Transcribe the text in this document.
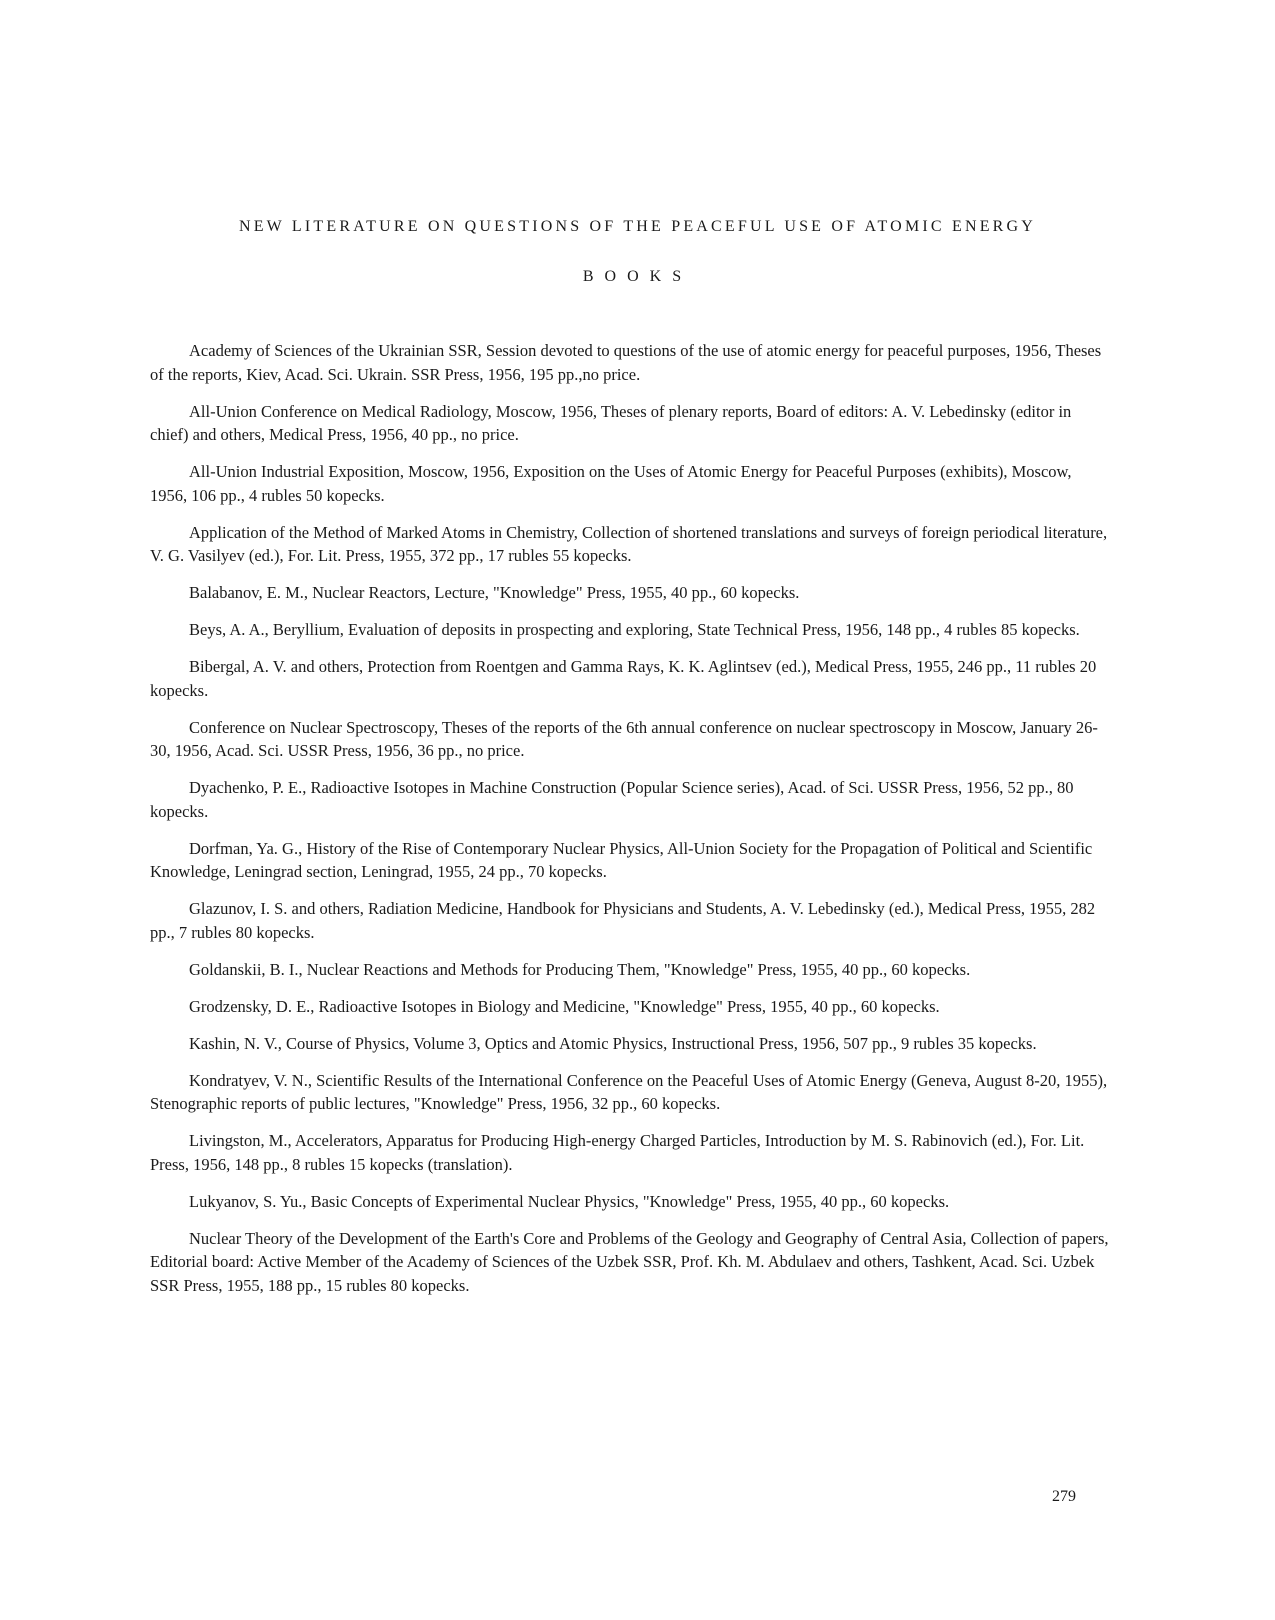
NEW LITERATURE ON QUESTIONS OF THE PEACEFUL USE OF ATOMIC ENERGY
BOOKS
Academy of Sciences of the Ukrainian SSR, Session devoted to questions of the use of atomic energy for peaceful purposes, 1956, Theses of the reports, Kiev, Acad. Sci. Ukrain. SSR Press, 1956, 195 pp.,no price.
All-Union Conference on Medical Radiology, Moscow, 1956, Theses of plenary reports, Board of editors: A. V. Lebedinsky (editor in chief) and others, Medical Press, 1956, 40 pp., no price.
All-Union Industrial Exposition, Moscow, 1956, Exposition on the Uses of Atomic Energy for Peaceful Purposes (exhibits), Moscow, 1956, 106 pp., 4 rubles 50 kopecks.
Application of the Method of Marked Atoms in Chemistry, Collection of shortened translations and surveys of foreign periodical literature, V. G. Vasilyev (ed.), For. Lit. Press, 1955, 372 pp., 17 rubles 55 kopecks.
Balabanov, E. M., Nuclear Reactors, Lecture, "Knowledge" Press, 1955, 40 pp., 60 kopecks.
Beys, A. A., Beryllium, Evaluation of deposits in prospecting and exploring, State Technical Press, 1956, 148 pp., 4 rubles 85 kopecks.
Bibergal, A. V. and others, Protection from Roentgen and Gamma Rays, K. K. Aglintsev (ed.), Medical Press, 1955, 246 pp., 11 rubles 20 kopecks.
Conference on Nuclear Spectroscopy, Theses of the reports of the 6th annual conference on nuclear spectroscopy in Moscow, January 26-30, 1956, Acad. Sci. USSR Press, 1956, 36 pp., no price.
Dyachenko, P. E., Radioactive Isotopes in Machine Construction (Popular Science series), Acad. of Sci. USSR Press, 1956, 52 pp., 80 kopecks.
Dorfman, Ya. G., History of the Rise of Contemporary Nuclear Physics, All-Union Society for the Propagation of Political and Scientific Knowledge, Leningrad section, Leningrad, 1955, 24 pp., 70 kopecks.
Glazunov, I. S. and others, Radiation Medicine, Handbook for Physicians and Students, A. V. Lebedinsky (ed.), Medical Press, 1955, 282 pp., 7 rubles 80 kopecks.
Goldanskii, B. I., Nuclear Reactions and Methods for Producing Them, "Knowledge" Press, 1955, 40 pp., 60 kopecks.
Grodzensky, D. E., Radioactive Isotopes in Biology and Medicine, "Knowledge" Press, 1955, 40 pp., 60 kopecks.
Kashin, N. V., Course of Physics, Volume 3, Optics and Atomic Physics, Instructional Press, 1956, 507 pp., 9 rubles 35 kopecks.
Kondratyev, V. N., Scientific Results of the International Conference on the Peaceful Uses of Atomic Energy (Geneva, August 8-20, 1955), Stenographic reports of public lectures, "Knowledge" Press, 1956, 32 pp., 60 kopecks.
Livingston, M., Accelerators, Apparatus for Producing High-energy Charged Particles, Introduction by M. S. Rabinovich (ed.), For. Lit. Press, 1956, 148 pp., 8 rubles 15 kopecks (translation).
Lukyanov, S. Yu., Basic Concepts of Experimental Nuclear Physics, "Knowledge" Press, 1955, 40 pp., 60 kopecks.
Nuclear Theory of the Development of the Earth's Core and Problems of the Geology and Geography of Central Asia, Collection of papers, Editorial board: Active Member of the Academy of Sciences of the Uzbek SSR, Prof. Kh. M. Abdulaev and others, Tashkent, Acad. Sci. Uzbek SSR Press, 1955, 188 pp., 15 rubles 80 kopecks.
279
